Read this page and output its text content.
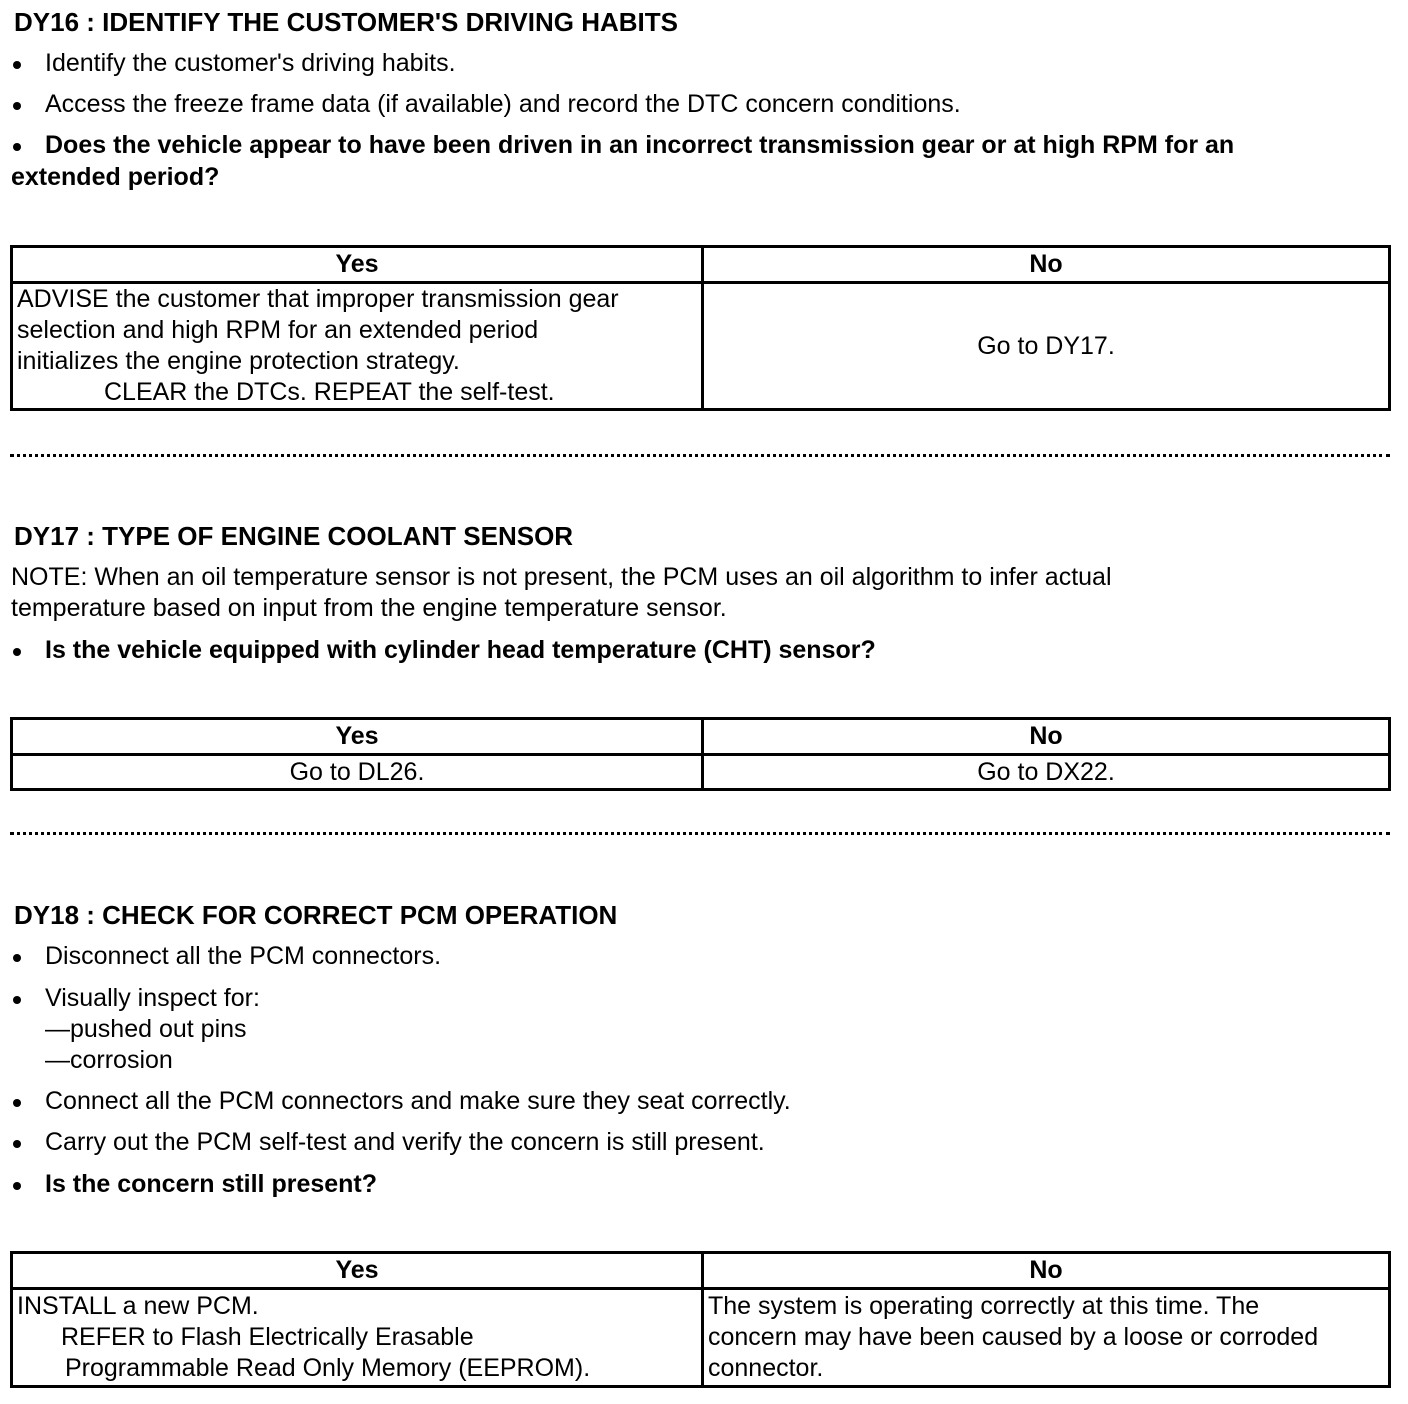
DY16 : IDENTIFY THE CUSTOMER'S DRIVING HABITS
Identify the customer's driving habits.
Access the freeze frame data (if available) and record the DTC concern conditions.
Does the vehicle appear to have been driven in an incorrect transmission gear or at high RPM for an
extended period?
Yes	No

ADVISE the customer that improper transmission gear
selection and high RPM for an extended period
initializes the engine protection strategy.
CLEAR the DTCs. REPEAT the self-test.	Go to DY17.
DY17 : TYPE OF ENGINE COOLANT SENSOR
NOTE: When an oil temperature sensor is not present, the PCM uses an oil algorithm to infer actual
temperature based on input from the engine temperature sensor.
Is the vehicle equipped with cylinder head temperature (CHT) sensor?
Yes	No
Go to DL26.	Go to DX22.
DY18 : CHECK FOR CORRECT PCM OPERATION
Disconnect all the PCM connectors.
Visually inspect for:
—pushed out pins
—corrosion
Connect all the PCM connectors and make sure they seat correctly.
Carry out the PCM self-test and verify the concern is still present.
Is the concern still present?
Yes	No

INSTALL a new PCM.
REFER to Flash Electrically Erasable
Programmable Read Only Memory (EEPROM).	The system is operating correctly at this time. The
concern may have been caused by a loose or corroded
connector.
